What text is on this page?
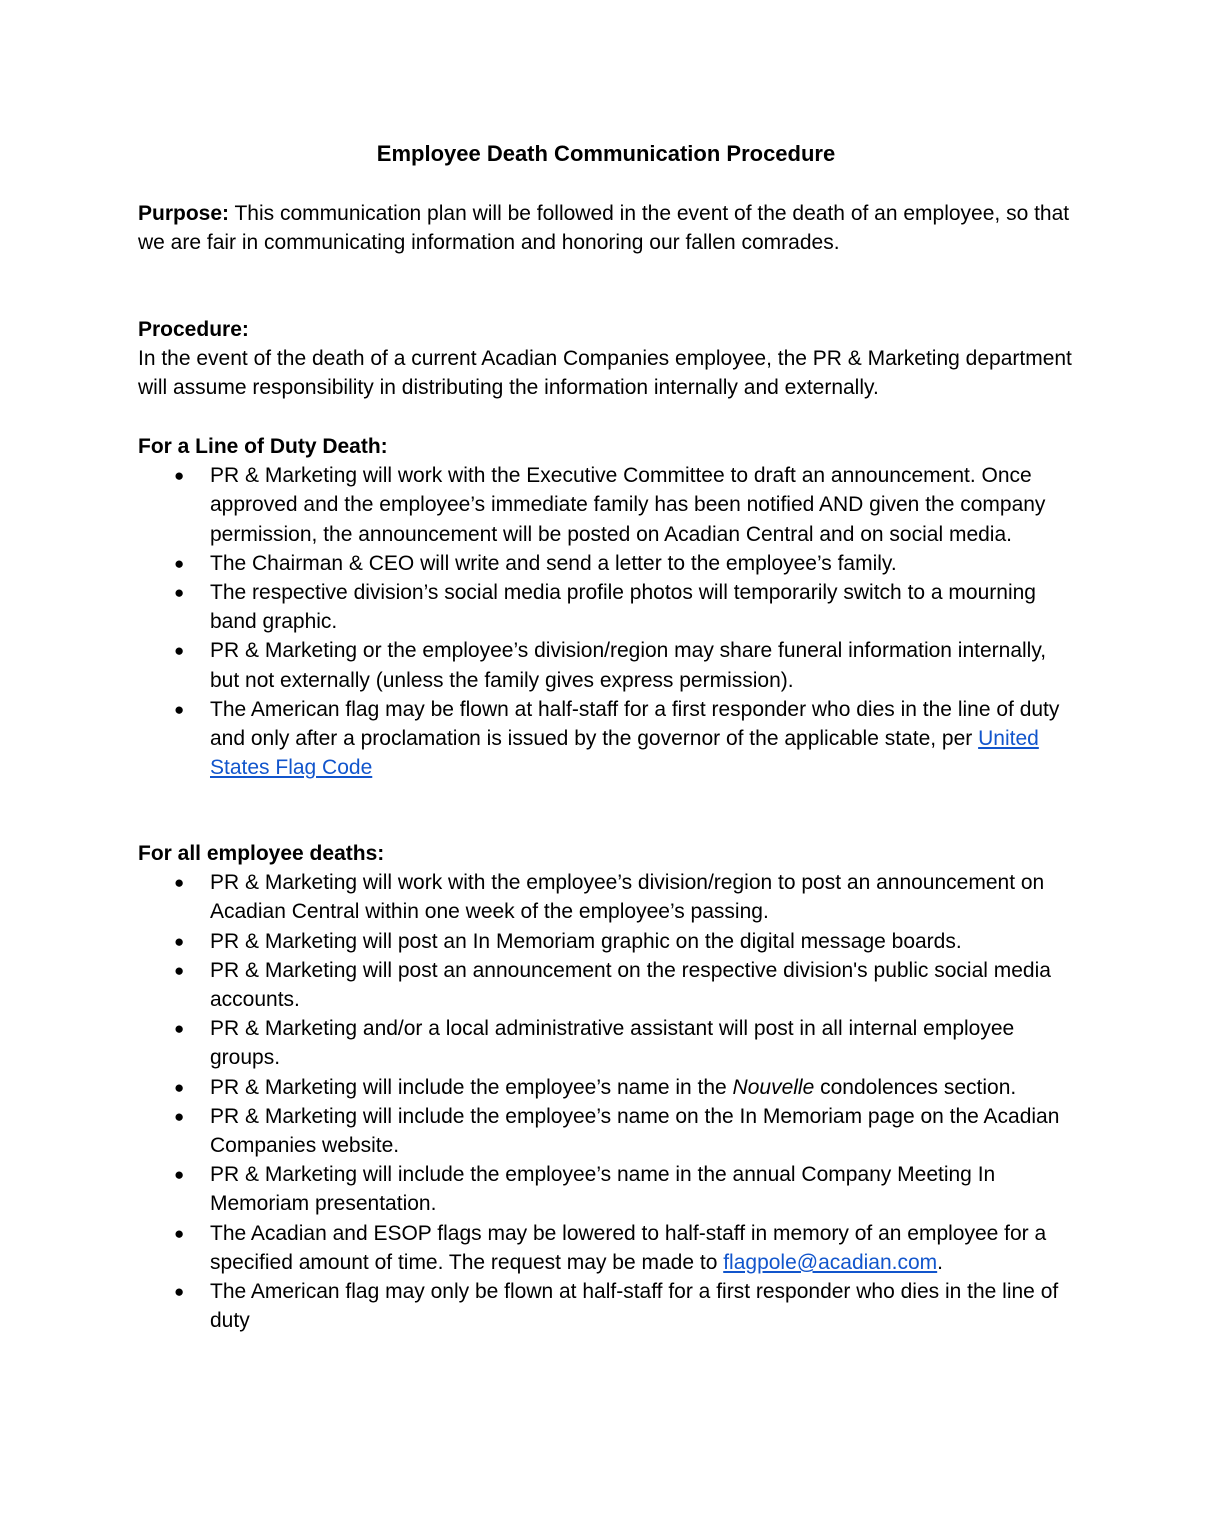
Employee Death Communication Procedure

Purpose: This communication plan will be followed in the event of the death of an employee, so that we are fair in communicating information and honoring our fallen comrades.

Procedure:

In the event of the death of a current Acadian Companies employee, the PR & Marketing department will assume responsibility in distributing the information internally and externally.

For a Line of Duty Death:

● PR & Marketing will work with the Executive Committee to draft an announcement. Once approved and the employee’s immediate family has been notified AND given the company permission, the announcement will be posted on Acadian Central and on social media.
● The Chairman & CEO will write and send a letter to the employee’s family.
● The respective division’s social media profile photos will temporarily switch to a mourning band graphic.
● PR & Marketing or the employee’s division/region may share funeral information internally, but not externally (unless the family gives express permission).
● The American flag may be flown at half-staff for a first responder who dies in the line of duty and only after a proclamation is issued by the governor of the applicable state, per United States Flag Code

For all employee deaths:

● PR & Marketing will work with the employee’s division/region to post an announcement on Acadian Central within one week of the employee’s passing.
● PR & Marketing will post an In Memoriam graphic on the digital message boards.
● PR & Marketing will post an announcement on the respective division's public social media accounts.
● PR & Marketing and/or a local administrative assistant will post in all internal employee groups.
● PR & Marketing will include the employee’s name in the Nouvelle condolences section.
● PR & Marketing will include the employee’s name on the In Memoriam page on the Acadian Companies website.
● PR & Marketing will include the employee’s name in the annual Company Meeting In Memoriam presentation.
● The Acadian and ESOP flags may be lowered to half-staff in memory of an employee for a specified amount of time. The request may be made to flagpole@acadian.com.
● The American flag may only be flown at half-staff for a first responder who dies in the line of duty
